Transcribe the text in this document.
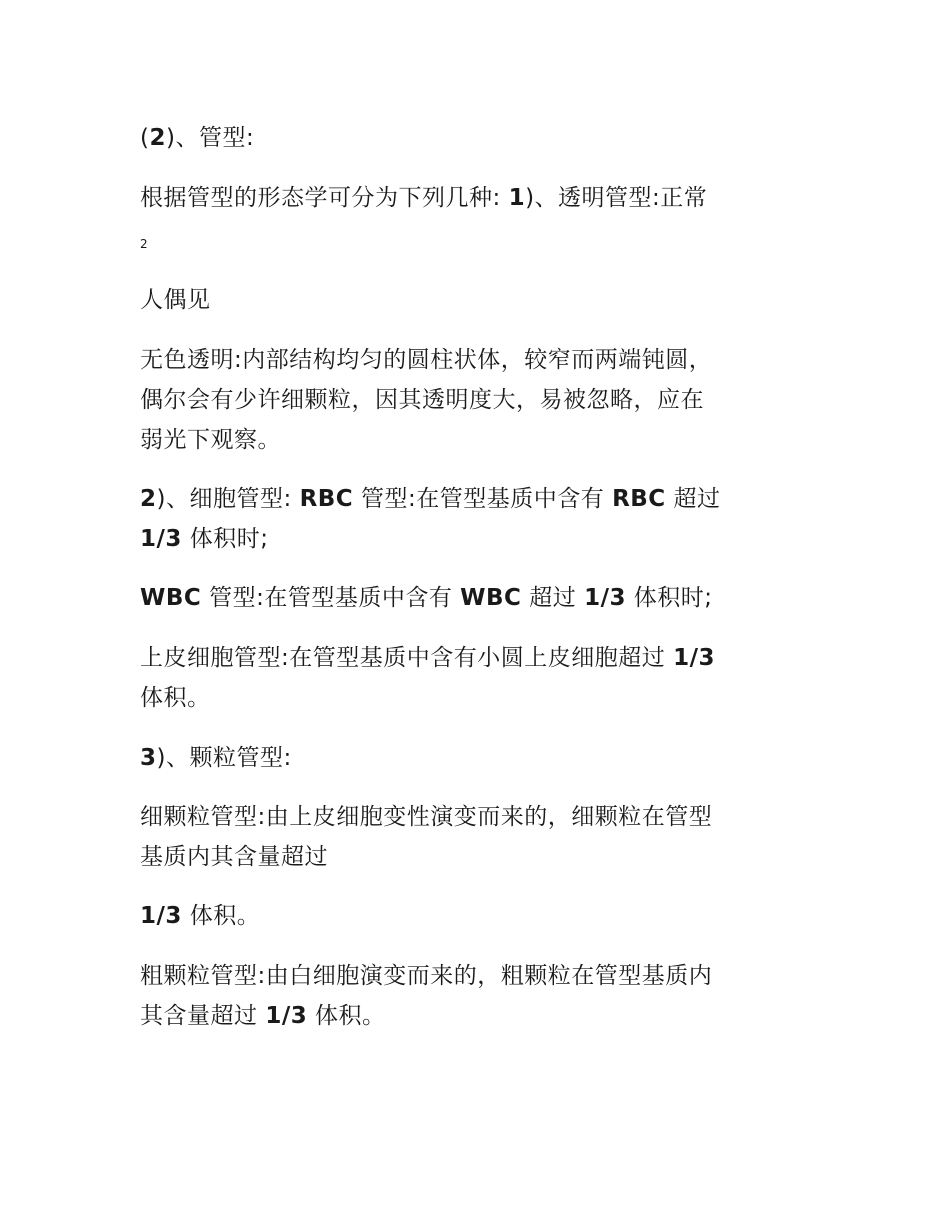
(2)、管型:
根据管型的形态学可分为下列几种: 1)、透明管型:正常
2
人偶见
无色透明:内部结构均匀的圆柱状体，较窄而两端钝圆，
偶尔会有少许细颗粒，因其透明度大，易被忽略，应在
弱光下观察。
2)、细胞管型: RBC 管型:在管型基质中含有 RBC 超过
1/3 体积时;
WBC 管型:在管型基质中含有 WBC 超过 1/3 体积时;
上皮细胞管型:在管型基质中含有小圆上皮细胞超过 1/3
体积。
3)、颗粒管型:
细颗粒管型:由上皮细胞变性演变而来的，细颗粒在管型
基质内其含量超过
1/3 体积。
粗颗粒管型:由白细胞演变而来的，粗颗粒在管型基质内
其含量超过 1/3 体积。
